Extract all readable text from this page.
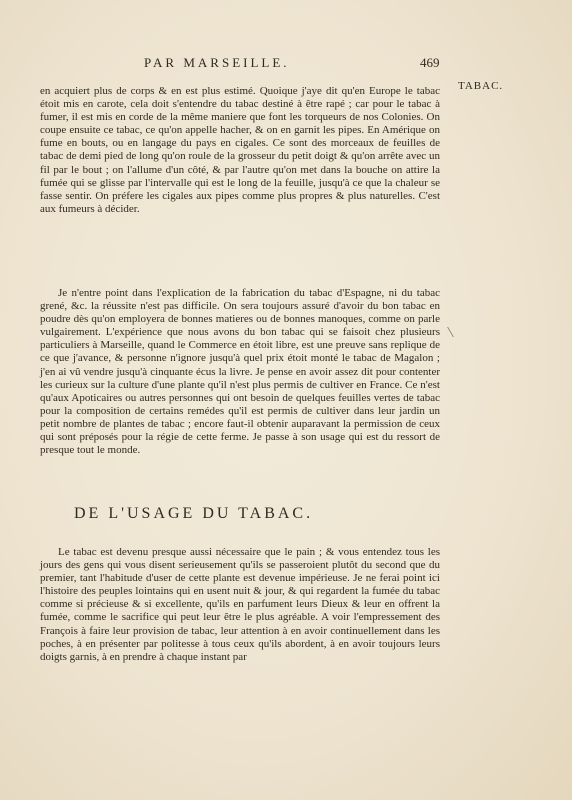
PAR MARSEILLE.	469
TABAC.

en acquiert plus de corps & en est plus estimé. Quoique j'aye dit qu'en Europe le tabac étoit mis en carote, cela doit s'entendre du tabac destiné à être rapé ; car pour le tabac à fumer, il est mis en corde de la même maniere que font les torqueurs de nos Colonies. On coupe ensuite ce tabac, ce qu'on appelle hacher, & on en garnit les pipes. En Amérique on fume en bouts, ou en langage du pays en cigales. Ce sont des morceaux de feuilles de tabac de demi pied de long qu'on roule de la grosseur du petit doigt & qu'on arrête avec un fil par le bout ; on l'allume d'un côté, & par l'autre qu'on met dans la bouche on attire la fumée qui se glisse par l'intervalle qui est le long de la feuille, jusqu'à ce que la chaleur se fasse sentir. On préfere les cigales aux pipes comme plus propres & plus naturelles. C'est aux fumeurs à décider.

Je n'entre point dans l'explication de la fabrication du tabac d'Espagne, ni du tabac grené, &c. la réussite n'est pas difficile. On sera toujours assuré d'avoir du bon tabac en poudre dès qu'on employera de bonnes matieres ou de bonnes manoques, comme on parle vulgairement. L'expérience que nous avons du bon tabac qui se faisoit chez plusieurs particuliers à Marseille, quand le Commerce en étoit libre, est une preuve sans replique de ce que j'avance, & personne n'ignore jusqu'à quel prix étoit monté le tabac de Magalon ; j'en ai vû vendre jusqu'à cinquante écus la livre. Je pense en avoir assez dit pour contenter les curieux sur la culture d'une plante qu'il n'est plus permis de cultiver en France. Ce n'est qu'aux Apoticaires ou autres personnes qui ont besoin de quelques feuilles vertes de tabac pour la composition de certains remédes qu'il est permis de cultiver dans leur jardin un petit nombre de plantes de tabac ; encore faut-il obtenir auparavant la permission de ceux qui sont préposés pour la régie de cette ferme. Je passe à son usage qui est du ressort de presque tout le monde.

DE L'USAGE DU TABAC.

Le tabac est devenu presque aussi nécessaire que le pain ; & vous entendez tous les jours des gens qui vous disent serieusement qu'ils se passeroient plutôt du second que du premier, tant l'habitude d'user de cette plante est devenue impérieuse. Je ne ferai point ici l'histoire des peuples lointains qui en usent nuit & jour, & qui regardent la fumée du tabac comme si précieuse & si excellente, qu'ils en parfument leurs Dieux & leur en offrent la fumée, comme le sacrifice qui peut leur être le plus agréable. A voir l'empressement des François à faire leur provision de tabac, leur attention à en avoir continuellement dans les poches, à en présenter par politesse à tous ceux qu'ils abordent, à en avoir toujours leurs doigts garnis, à en prendre à chaque instant par
